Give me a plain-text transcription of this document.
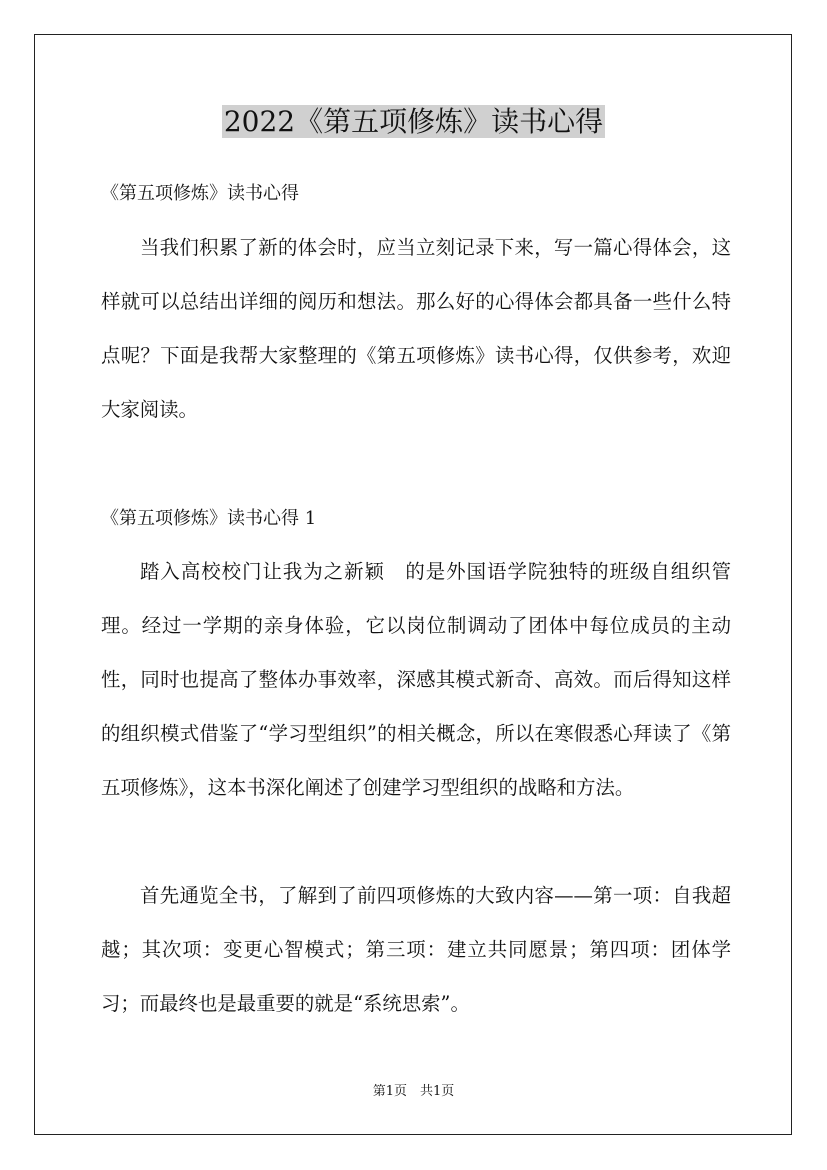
2022《第五项修炼》读书心得
《第五项修炼》读书心得

当我们积累了新的体会时，应当立刻记录下来，写一篇心得体会，这样就可以总结出详细的阅历和想法。那么好的心得体会都具备一些什么特点呢？下面是我帮大家整理的《第五项修炼》读书心得，仅供参考，欢迎大家阅读。

《第五项修炼》读书心得 1

踏入高校校门让我为之新颖　的是外国语学院独特的班级自组织管理。经过一学期的亲身体验，它以岗位制调动了团体中每位成员的主动性，同时也提高了整体办事效率，深感其模式新奇、高效。而后得知这样的组织模式借鉴了“学习型组织”的相关概念，所以在寒假悉心拜读了《第五项修炼》，这本书深化阐述了创建学习型组织的战略和方法。

首先通览全书，了解到了前四项修炼的大致内容——第一项：自我超越；其次项：变更心智模式；第三项：建立共同愿景；第四项：团体学习；而最终也是最重要的就是“系统思索”。

第1页　共1页
